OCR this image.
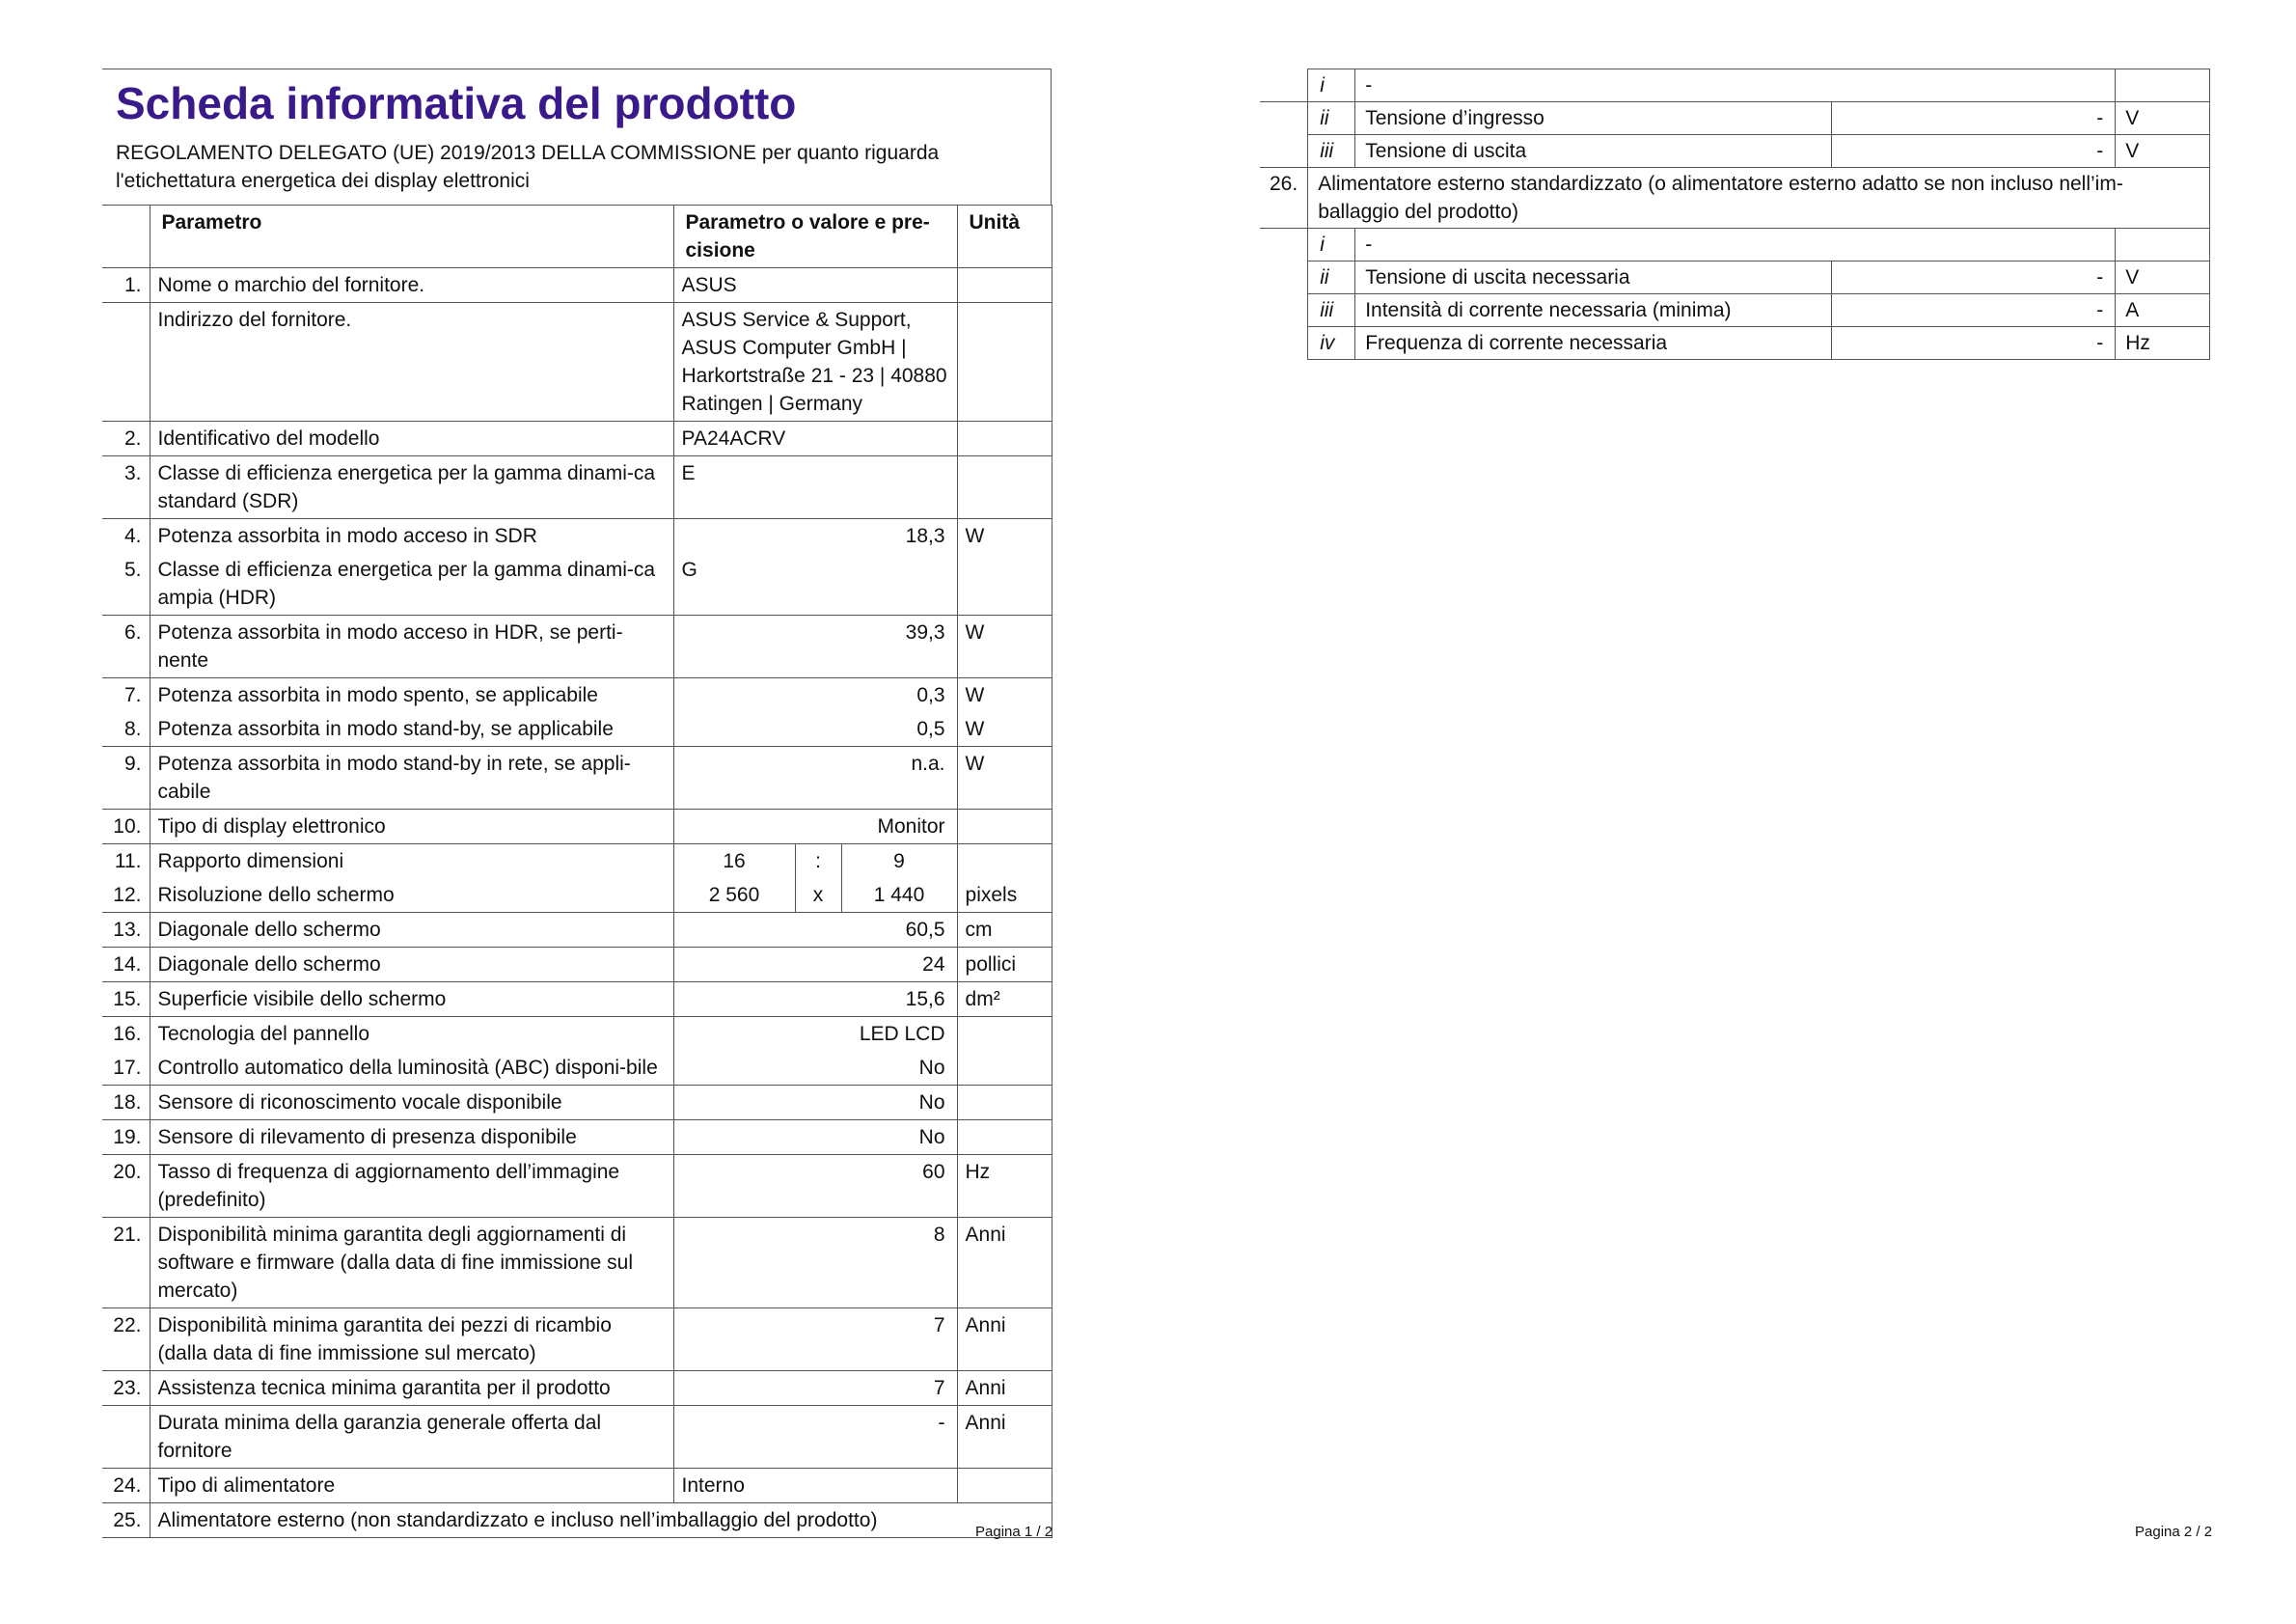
Scheda informativa del prodotto
REGOLAMENTO DELEGATO (UE) 2019/2013 DELLA COMMISSIONE per quanto riguarda
l'etichettatura energetica dei display elettronici
	Parametro	Parametro o valore e pre-cisione			Unità
1.	Nome o marchio del fornitore.	ASUS			
	Indirizzo del fornitore.	ASUS Service & Support, ASUS Computer GmbH | Harkortstraße 21 - 23 | 40880 Ratingen | Germany			
2.	Identificativo del modello	PA24ACRV			
3.	Classe di efficienza energetica per la gamma dinami-ca standard (SDR)	E			
4.	Potenza assorbita in modo acceso in SDR	18,3			W
5.	Classe di efficienza energetica per la gamma dinami-ca ampia (HDR)	G			
6.	Potenza assorbita in modo acceso in HDR, se perti-nente	39,3			W
7.	Potenza assorbita in modo spento, se applicabile	0,3			W
8.	Potenza assorbita in modo stand-by, se applicabile	0,5			W
9.	Potenza assorbita in modo stand-by in rete, se appli-cabile	n.a.			W
10.	Tipo di display elettronico	Monitor			
11.	Rapporto dimensioni	16	:	9	
12.	Risoluzione dello schermo	2 560	x	1 440	pixels
13.	Diagonale dello schermo	60,5			cm
14.	Diagonale dello schermo	24			pollici
15.	Superficie visibile dello schermo	15,6			dm²
16.	Tecnologia del pannello	LED LCD			
17.	Controllo automatico della luminosità (ABC) disponi-bile	No			
18.	Sensore di riconoscimento vocale disponibile	No			
19.	Sensore di rilevamento di presenza disponibile	No			
20.	Tasso di frequenza di aggiornamento dell’immagine (predefinito)	60			Hz
21.	Disponibilità minima garantita degli aggiornamenti di software e firmware (dalla data di fine immissione sul mercato)	8			Anni
22.	Disponibilità minima garantita dei pezzi di ricambio (dalla data di fine immissione sul mercato)	7			Anni
23.	Assistenza tecnica minima garantita per il prodotto	7			Anni
	Durata minima della garanzia generale offerta dal fornitore	-			Anni
24.	Tipo di alimentatore	Interno			
25.	Alimentatore esterno (non standardizzato e incluso nell’imballaggio del prodotto)				
Pagina 1 / 2
	i	-		
	ii	Tensione d’ingresso	-	V
	iii	Tensione di uscita	-	V
26.	Alimentatore esterno standardizzato (o alimentatore esterno adatto se non incluso nell’im-ballaggio del prodotto)			
	i	-		
	ii	Tensione di uscita necessaria	-	V
	iii	Intensità di corrente necessaria (minima)	-	A
	iv	Frequenza di corrente necessaria	-	Hz
Pagina 2 / 2
